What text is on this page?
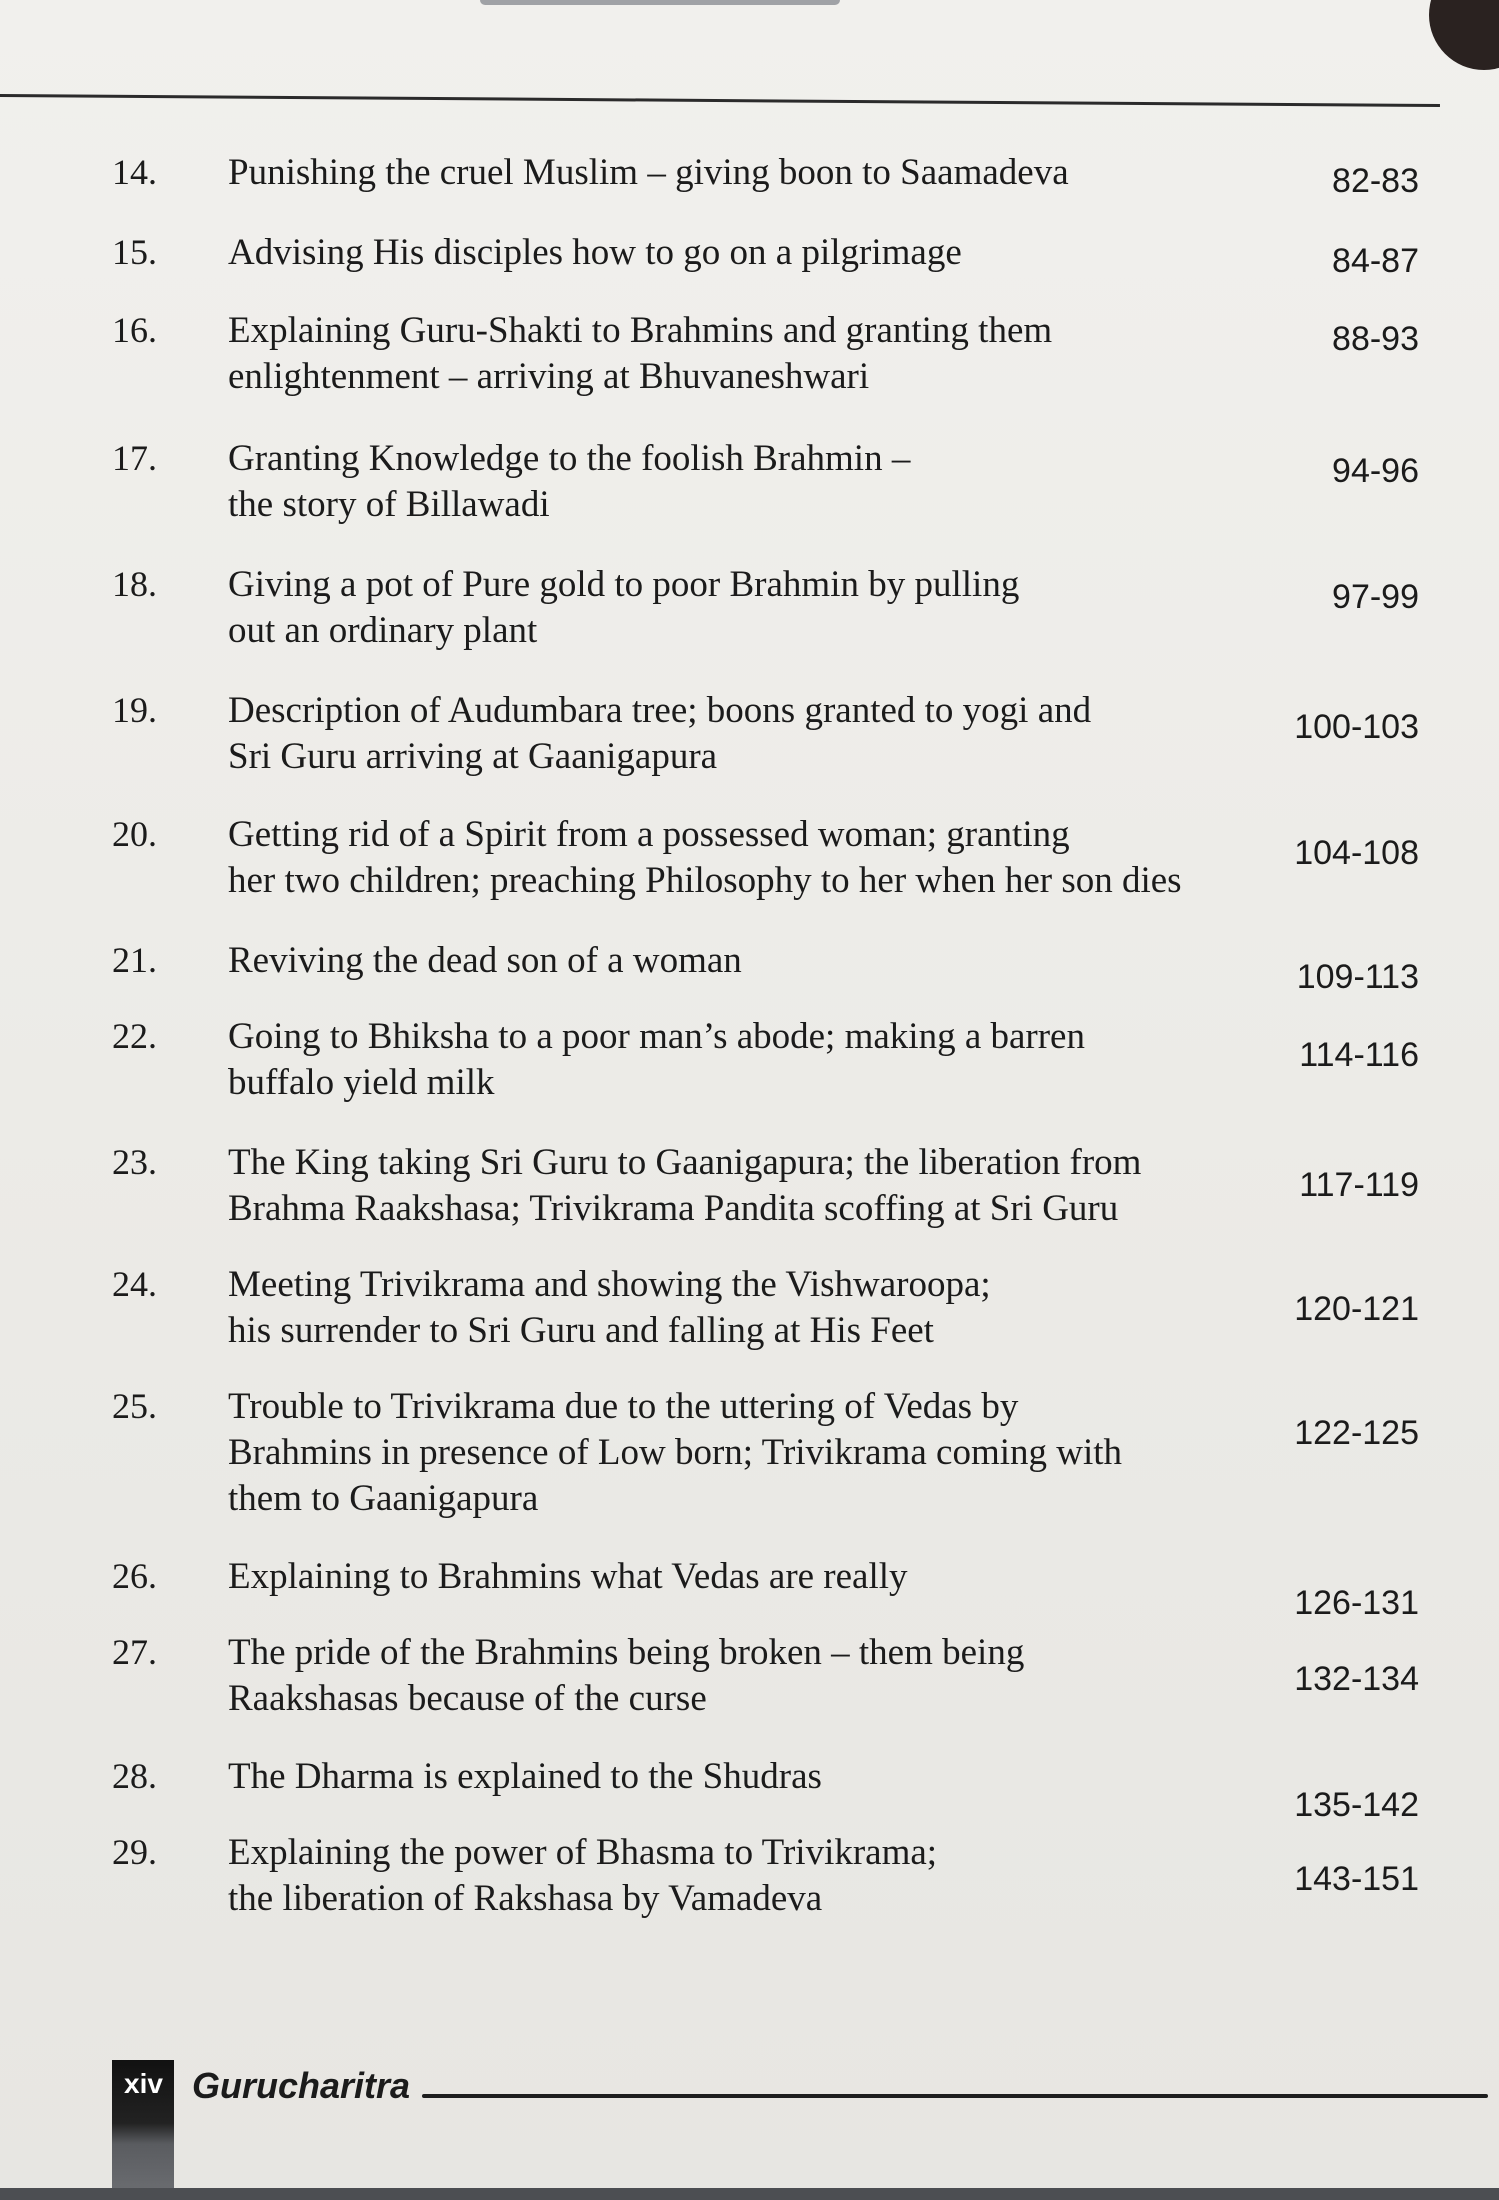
14. Punishing the cruel Muslim – giving boon to Saamadeva	82-83
15. Advising His disciples how to go on a pilgrimage	84-87
16. Explaining Guru-Shakti to Brahmins and granting them
enlightenment – arriving at Bhuvaneshwari
88-93
17. Granting Knowledge to the foolish Brahmin –
the story of Billawadi
94-96
18. Giving a pot of Pure gold to poor Brahmin by pulling
out an ordinary plant
97-99
19. Description of Audumbara tree; boons granted to yogi and
Sri Guru arriving at Gaanigapura
100-103
20. Getting rid of a Spirit from a possessed woman; granting
her two children; preaching Philosophy to her when her son dies
104-108
21. Reviving the dead son of a woman	109-113
22. Going to Bhiksha to a poor man’s abode; making a barren
buffalo yield milk
114-116
23. The King taking Sri Guru to Gaanigapura; the liberation from
Brahma Raakshasa; Trivikrama Pandita scoffing at Sri Guru
117-119
24. Meeting Trivikrama and showing the Vishwaroopa;
his surrender to Sri Guru and falling at His Feet
120-121
25. Trouble to Trivikrama due to the uttering of Vedas by
Brahmins in presence of Low born; Trivikrama coming with
them to Gaanigapura
122-125
26. Explaining to Brahmins what Vedas are really
126-131
27. The pride of the Brahmins being broken – them being
Raakshasas because of the curse	132-134
28. The Dharma is explained to the Shudras
135-142
29. Explaining the power of Bhasma to Trivikrama;
the liberation of Rakshasa by Vamadeva	143-151
xiv Gurucharitra
